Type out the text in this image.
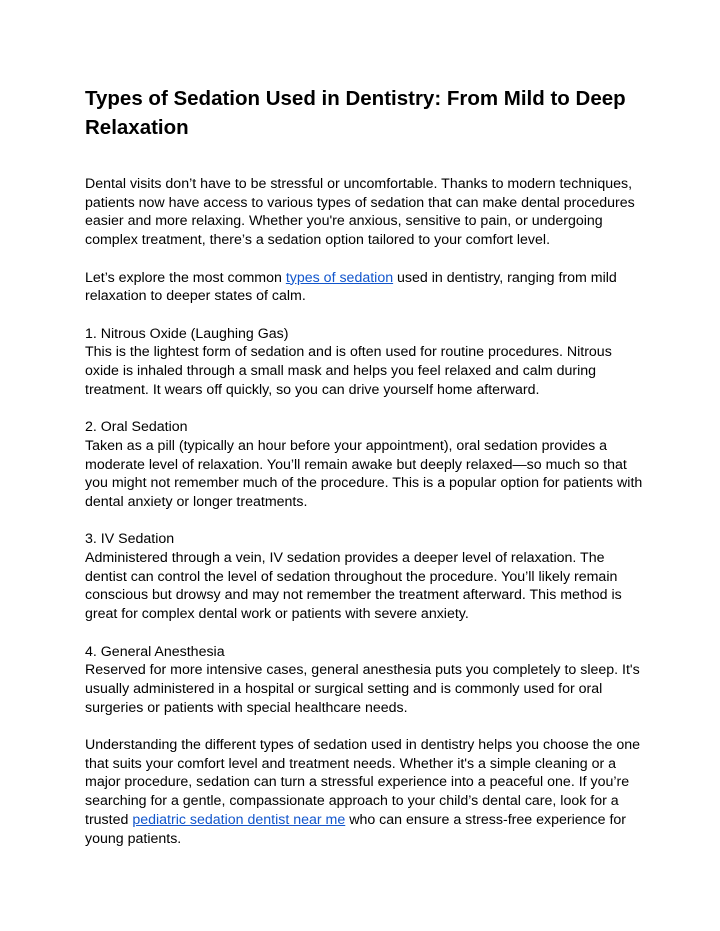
Types of Sedation Used in Dentistry: From Mild to Deep Relaxation

Dental visits don’t have to be stressful or uncomfortable. Thanks to modern techniques, patients now have access to various types of sedation that can make dental procedures easier and more relaxing. Whether you're anxious, sensitive to pain, or undergoing complex treatment, there’s a sedation option tailored to your comfort level.

Let’s explore the most common types of sedation used in dentistry, ranging from mild relaxation to deeper states of calm.

1. Nitrous Oxide (Laughing Gas)

This is the lightest form of sedation and is often used for routine procedures. Nitrous oxide is inhaled through a small mask and helps you feel relaxed and calm during treatment. It wears off quickly, so you can drive yourself home afterward.

2. Oral Sedation

Taken as a pill (typically an hour before your appointment), oral sedation provides a moderate level of relaxation. You’ll remain awake but deeply relaxed—so much so that you might not remember much of the procedure. This is a popular option for patients with dental anxiety or longer treatments.

3. IV Sedation

Administered through a vein, IV sedation provides a deeper level of relaxation. The dentist can control the level of sedation throughout the procedure. You’ll likely remain conscious but drowsy and may not remember the treatment afterward. This method is great for complex dental work or patients with severe anxiety.

4. General Anesthesia

Reserved for more intensive cases, general anesthesia puts you completely to sleep. It's usually administered in a hospital or surgical setting and is commonly used for oral surgeries or patients with special healthcare needs.

Understanding the different types of sedation used in dentistry helps you choose the one that suits your comfort level and treatment needs. Whether it's a simple cleaning or a major procedure, sedation can turn a stressful experience into a peaceful one. If you’re searching for a gentle, compassionate approach to your child’s dental care, look for a trusted pediatric sedation dentist near me who can ensure a stress-free experience for young patients.
